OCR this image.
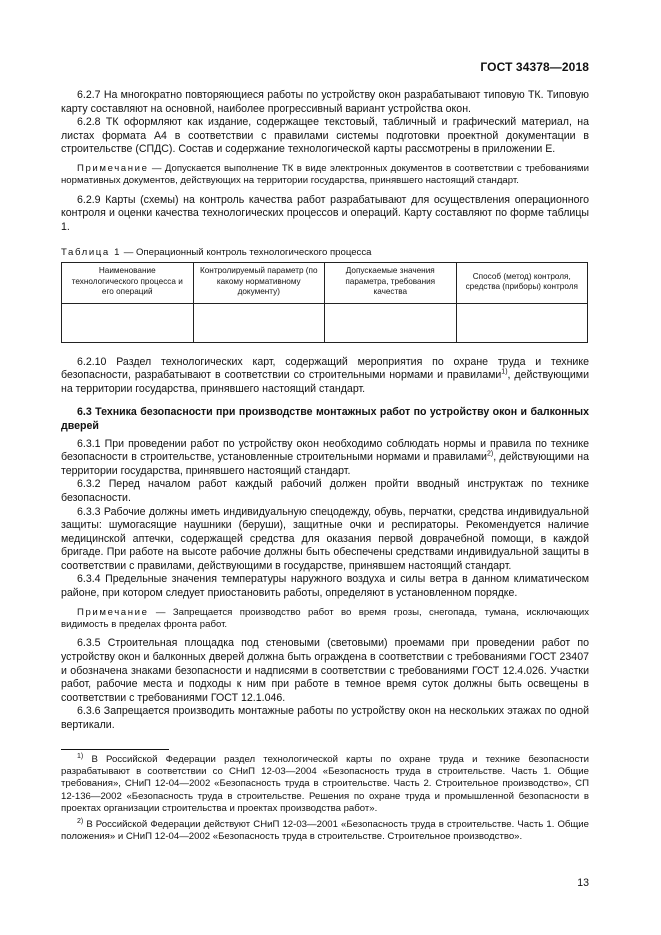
ГОСТ 34378—2018

6.2.7 На многократно повторяющиеся работы по устройству окон разрабатывают типовую ТК. Типовую карту составляют на основной, наиболее прогрессивный вариант устройства окон.

6.2.8 ТК оформляют как издание, содержащее текстовый, табличный и графический материал, на листах формата А4 в соответствии с правилами системы подготовки проектной документации в строительстве (СПДС). Состав и содержание технологической карты рассмотрены в приложении Е.

Примечание — Допускается выполнение ТК в виде электронных документов в соответствии с требованиями нормативных документов, действующих на территории государства, принявшего настоящий стандарт.

6.2.9 Карты (схемы) на контроль качества работ разрабатывают для осуществления операционного контроля и оценки качества технологических процессов и операций. Карту составляют по форме таблицы 1.

Таблица 1 — Операционный контроль технологического процесса
Наименование технологического процесса и его операций	Контролируемый параметр (по какому нормативному документу)	Допускаемые значения параметра, требования качества	Способ (метод) контроля, средства (приборы) контроля

6.2.10 Раздел технологических карт, содержащий мероприятия по охране труда и технике безопасности, разрабатывают в соответствии со строительными нормами и правилами$^{1)}$, действующими на территории государства, принявшего настоящий стандарт.

6.3 Техника безопасности при производстве монтажных работ по устройству окон и балконных дверей

6.3.1 При проведении работ по устройству окон необходимо соблюдать нормы и правила по технике безопасности в строительстве, установленные строительными нормами и правилами$^{2)}$, действующими на территории государства, принявшего настоящий стандарт.

6.3.2 Перед началом работ каждый рабочий должен пройти вводный инструктаж по технике безопасности.

6.3.3 Рабочие должны иметь индивидуальную спецодежду, обувь, перчатки, средства индивидуальной защиты: шумогасящие наушники (беруши), защитные очки и респираторы. Рекомендуется наличие медицинской аптечки, содержащей средства для оказания первой доврачебной помощи, в каждой бригаде. При работе на высоте рабочие должны быть обеспечены средствами индивидуальной защиты в соответствии с правилами, действующими в государстве, принявшем настоящий стандарт.

6.3.4 Предельные значения температуры наружного воздуха и силы ветра в данном климатическом районе, при котором следует приостановить работы, определяют в установленном порядке.

Примечание — Запрещается производство работ во время грозы, снегопада, тумана, исключающих видимость в пределах фронта работ.

6.3.5 Строительная площадка под стеновыми (световыми) проемами при проведении работ по устройству окон и балконных дверей должна быть ограждена в соответствии с требованиями ГОСТ 23407 и обозначена знаками безопасности и надписями в соответствии с требованиями ГОСТ 12.4.026. Участки работ, рабочие места и подходы к ним при работе в темное время суток должны быть освещены в соответствии с требованиями ГОСТ 12.1.046.

6.3.6 Запрещается производить монтажные работы по устройству окон на нескольких этажах по одной вертикали.

$^{1)}$ В Российской Федерации раздел технологической карты по охране труда и технике безопасности разрабатывают в соответствии со СНиП 12-03—2004 «Безопасность труда в строительстве. Часть 1. Общие требования», СНиП 12-04—2002 «Безопасность труда в строительстве. Часть 2. Строительное производство», СП 12-136—2002 «Безопасность труда в строительстве. Решения по охране труда и промышленной безопасности в проектах организации строительства и проектах производства работ».

$^{2)}$ В Российской Федерации действуют СНиП 12-03—2001 «Безопасность труда в строительстве. Часть 1. Общие положения» и СНиП 12-04—2002 «Безопасность труда в строительстве. Строительное производство».

13
